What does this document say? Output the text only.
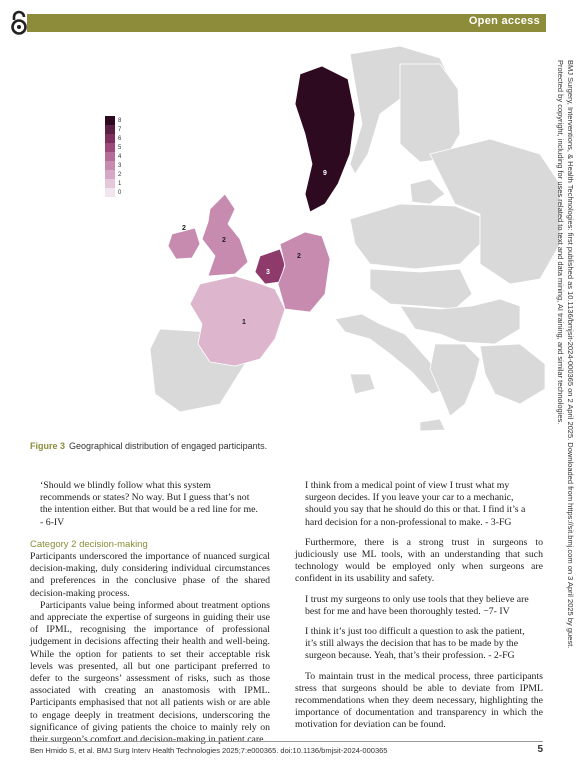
Open access
8
7
6
5
4
3
2
1
0
9
2
2
3
2
1
Figure 3 Geographical distribution of engaged participants.	BMJ Surgery, Interventions, & Health Technologies: first published as 10.1136/bmjsit-2024-000365 on 2 April 2025. Downloaded from https://sit.bmj.com on 3 April 2025 by guest.
Protected by copyright, including for uses related to text and data mining, AI training, and similar technologies.

‘Should we blindly follow what this system recommends or states? No way. But I guess that’s not the intention either. But that would be a red line for me. - 6-IV

Category 2 decision-making

Participants underscored the importance of nuanced surgical decision-making, duly considering individual circumstances and preferences in the conclusive phase of the shared decision-making process.

Participants value being informed about treatment options and appreciate the expertise of surgeons in guiding their use of IPML, recognising the importance of professional judgement in decisions affecting their health and well-being. While the option for patients to set their acceptable risk levels was presented, all but one participant preferred to defer to the surgeons’ assessment of risks, such as those associated with creating an anastomosis with IPML. Participants emphasised that not all patients wish or are able to engage deeply in treatment decisions, underscoring the significance of giving patients the choice to mainly rely on their surgeon’s comfort and decision-making in patient care.

I think from a medical point of view I trust what my surgeon decides. If you leave your car to a mechanic, should you say that he should do this or that. I find it’s a hard decision for a non-professional to make. - 3-FG

Furthermore, there is a strong trust in surgeons to judiciously use ML tools, with an understanding that such technology would be employed only when surgeons are confident in its usability and safety.

I trust my surgeons to only use tools that they believe are best for me and have been thoroughly tested. −7- IV

I think it’s just too difficult a question to ask the patient, it’s still always the decision that has to be made by the surgeon because. Yeah, that’s their profession. - 2-FG

To maintain trust in the medical process, three participants stress that surgeons should be able to deviate from IPML recommendations when they deem necessary, highlighting the importance of documentation and transparency in which the motivation for deviation can be found.

Ben Hmido S, et al. BMJ Surg Interv Health Technologies 2025;7:e000365. doi:10.1136/bmjsit-2024-000365	5
